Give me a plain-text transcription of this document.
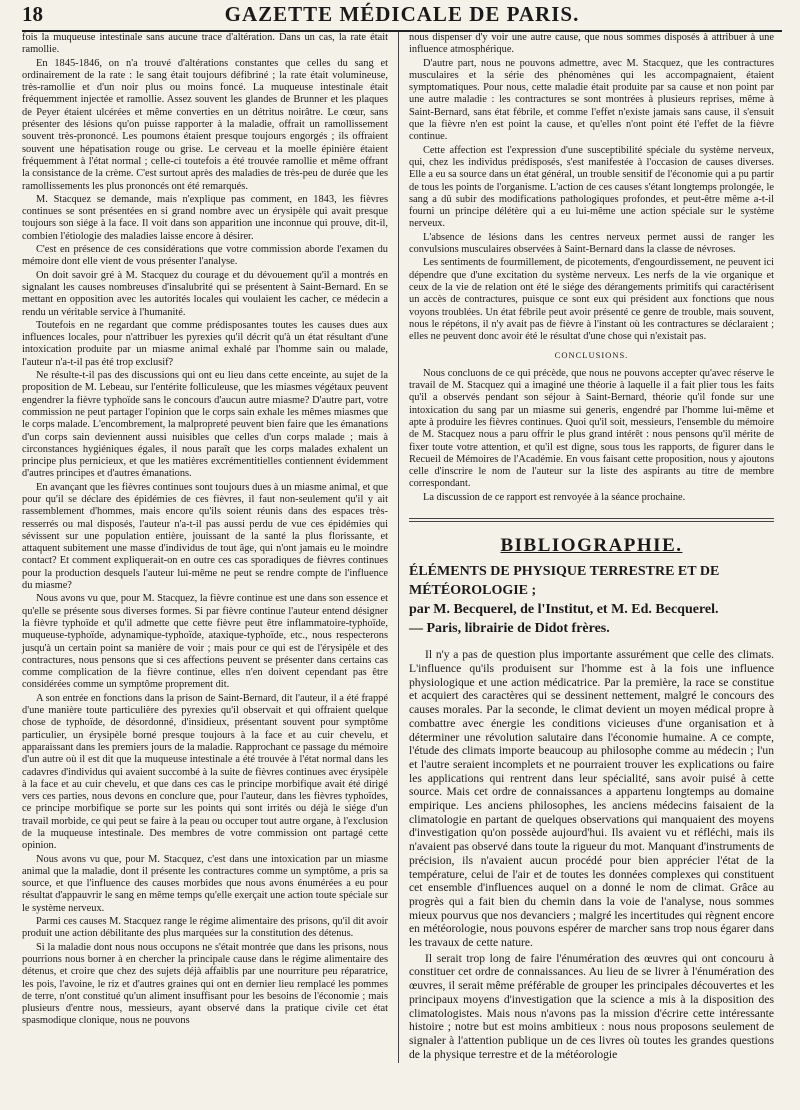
18	GAZETTE MÉDICALE DE PARIS.

fois la muqueuse intestinale sans aucune trace d'altération. Dans un cas, la rate était ramollie.

En 1845-1846, on n'a trouvé d'altérations constantes que celles du sang et ordinairement de la rate : le sang était toujours défibriné ; la rate était volumineuse, très-ramollie et d'un noir plus ou moins foncé. La muqueuse intestinale était fréquemment injectée et ramollie. Assez souvent les glandes de Brunner et les plaques de Peyer étaient ulcérées et même converties en un détritus noirâtre. Le cœur, sans présenter des lésions qu'on puisse rapporter à la maladie, offrait un ramollissement souvent très-prononcé. Les poumons étaient presque toujours engorgés ; ils offraient souvent une hépatisation rouge ou grise. Le cerveau et la moelle épinière étaient fréquemment à l'état normal ; celle-ci toutefois a été trouvée ramollie et même offrant la consistance de la crème. C'est surtout après des maladies de très-peu de durée que les ramollissements les plus prononcés ont été remarqués.

M. Stacquez se demande, mais n'explique pas comment, en 1843, les fièvres continues se sont présentées en si grand nombre avec un érysipèle qui avait presque toujours son siége à la face. Il voit dans son apparition une inconnue qui prouve, dit-il, combien l'étiologie des maladies laisse encore à désirer.

C'est en présence de ces considérations que votre commission aborde l'examen du mémoire dont elle vient de vous présenter l'analyse.

On doit savoir gré à M. Stacquez du courage et du dévouement qu'il a montrés en signalant les causes nombreuses d'insalubrité qui se présentent à Saint-Bernard. En se mettant en opposition avec les autorités locales qui voulaient les cacher, ce médecin a rendu un véritable service à l'humanité.

Toutefois en ne regardant que comme prédisposantes toutes les causes dues aux influences locales, pour n'attribuer les pyrexies qu'il décrit qu'à un état résultant d'une intoxication produite par un miasme animal exhalé par l'homme sain ou malade, l'auteur n'a-t-il pas été trop exclusif?

Ne résulte-t-il pas des discussions qui ont eu lieu dans cette enceinte, au sujet de la proposition de M. Lebeau, sur l'entérite folliculeuse, que les miasmes végétaux peuvent engendrer la fièvre typhoïde sans le concours d'aucun autre miasme? D'autre part, votre commission ne peut partager l'opinion que le corps sain exhale les mêmes miasmes que le corps malade. L'encombrement, la malpropreté peuvent bien faire que les émanations d'un corps sain deviennent aussi nuisibles que celles d'un corps malade ; mais à circonstances hygiéniques égales, il nous paraît que les corps malades exhalent un principe plus pernicieux, et que les matières excrémentitielles contiennent évidemment d'autres principes et d'autres émanations.

En avançant que les fièvres continues sont toujours dues à un miasme animal, et que pour qu'il se déclare des épidémies de ces fièvres, il faut non-seulement qu'il y ait rassemblement d'hommes, mais encore qu'ils soient réunis dans des espaces très-resserrés ou mal disposés, l'auteur n'a-t-il pas aussi perdu de vue ces épidémies qui sévissent sur une population entière, jouissant de la santé la plus florissante, et attaquent subitement une masse d'individus de tout âge, qui n'ont jamais eu le moindre contact? Et comment expliquerait-on en outre ces cas sporadiques de fièvres continues pour la production desquels l'auteur lui-même ne peut se rendre compte de l'influence du miasme?

Nous avons vu que, pour M. Stacquez, la fièvre continue est une dans son essence et qu'elle se présente sous diverses formes. Si par fièvre continue l'auteur entend désigner la fièvre typhoïde et qu'il admette que cette fièvre peut être inflammatoire-typhoïde, muqueuse-typhoïde, adynamique-typhoïde, ataxique-typhoïde, etc., nous respecterons jusqu'à un certain point sa manière de voir ; mais pour ce qui est de l'érysipèle et des contractures, nous pensons que si ces affections peuvent se présenter dans certains cas comme complication de la fièvre continue, elles n'en doivent cependant pas être considérées comme un symptôme proprement dit.

A son entrée en fonctions dans la prison de Saint-Bernard, dit l'auteur, il a été frappé d'une manière toute particulière des pyrexies qu'il observait et qui offraient quelque chose de typhoïde, de désordonné, d'insidieux, présentant souvent pour symptôme particulier, un érysipèle borné presque toujours à la face et au cuir chevelu, et apparaissant dans les premiers jours de la maladie. Rapprochant ce passage du mémoire d'un autre où il est dit que la muqueuse intestinale a été trouvée à l'état normal dans les cadavres d'individus qui avaient succombé à la suite de fièvres continues avec érysipèle à la face et au cuir chevelu, et que dans ces cas le principe morbifique avait été dirigé vers ces parties, nous devons en conclure que, pour l'auteur, dans les fièvres typhoïdes, ce principe morbifique se porte sur les points qui sont irrités ou déjà le siége d'un travail morbide, ce qui peut se faire à la peau ou occuper tout autre organe, à l'exclusion de la muqueuse intestinale. Des membres de votre commission ont partagé cette opinion.

Nous avons vu que, pour M. Stacquez, c'est dans une intoxication par un miasme animal que la maladie, dont il présente les contractures comme un symptôme, a pris sa source, et que l'influence des causes morbides que nous avons énumérées a eu pour résultat d'appauvrir le sang en même temps qu'elle exerçait une action toute spéciale sur le système nerveux.

Parmi ces causes M. Stacquez range le régime alimentaire des prisons, qu'il dit avoir produit une action débilitante des plus marquées sur la constitution des détenus.

Si la maladie dont nous nous occupons ne s'était montrée que dans les prisons, nous pourrions nous borner à en chercher la principale cause dans le régime alimentaire des détenus, et croire que chez des sujets déjà affaiblis par une nourriture peu réparatrice, les pois, l'avoine, le riz et d'autres graines qui ont en dernier lieu remplacé les pommes de terre, n'ont constitué qu'un aliment insuffisant pour les besoins de l'économie ; mais plusieurs d'entre nous, messieurs, ayant observé dans la pratique civile cet état spasmodique clonique, nous ne pouvons

nous dispenser d'y voir une autre cause, que nous sommes disposés à attribuer à une influence atmosphérique.

D'autre part, nous ne pouvons admettre, avec M. Stacquez, que les contractures musculaires et la série des phénomènes qui les accompagnaient, étaient symptomatiques. Pour nous, cette maladie était produite par sa cause et non point par une autre maladie : les contractures se sont montrées à plusieurs reprises, même à Saint-Bernard, sans état fébrile, et comme l'effet n'existe jamais sans cause, il s'ensuit que la fièvre n'en est point la cause, et qu'elles n'ont point été l'effet de la fièvre continue.

Cette affection est l'expression d'une susceptibilité spéciale du système nerveux, qui, chez les individus prédisposés, s'est manifestée à l'occasion de causes diverses. Elle a eu sa source dans un état général, un trouble sensitif de l'économie qui a pu partir de tous les points de l'organisme. L'action de ces causes s'étant longtemps prolongée, le sang a dû subir des modifications pathologiques profondes, et peut-être même a-t-il fourni un principe délétère qui a eu lui-même une action spéciale sur le système nerveux.

L'absence de lésions dans les centres nerveux permet aussi de ranger les convulsions musculaires observées à Saint-Bernard dans la classe de névroses.

Les sentiments de fourmillement, de picotements, d'engourdissement, ne peuvent ici dépendre que d'une excitation du système nerveux. Les nerfs de la vie organique et ceux de la vie de relation ont été le siége des dérangements primitifs qui caractérisent un accès de contractures, puisque ce sont eux qui président aux fonctions que nous voyons troublées. Un état fébrile peut avoir présenté ce genre de trouble, mais souvent, nous le répétons, il n'y avait pas de fièvre à l'instant où les contractures se déclaraient ; elles ne peuvent donc avoir été le résultat d'une chose qui n'existait pas.

CONCLUSIONS.

Nous concluons de ce qui précède, que nous ne pouvons accepter qu'avec réserve le travail de M. Stacquez qui a imaginé une théorie à laquelle il a fait plier tous les faits qu'il a observés pendant son séjour à Saint-Bernard, théorie qu'il fonde sur une intoxication du sang par un miasme sui generis, engendré par l'homme lui-même et apte à produire les fièvres continues. Quoi qu'il soit, messieurs, l'ensemble du mémoire de M. Stacquez nous a paru offrir le plus grand intérêt : nous pensons qu'il mérite de fixer toute votre attention, et qu'il est digne, sous tous les rapports, de figurer dans le Recueil de Mémoires de l'Académie. En vous faisant cette proposition, nous y ajoutons celle d'inscrire le nom de l'auteur sur la liste des aspirants au titre de membre correspondant.

La discussion de ce rapport est renvoyée à la séance prochaine.

BIBLIOGRAPHIE.
ÉLÉMENTS DE PHYSIQUE TERRESTRE ET DE MÉTÉOROLOGIE ;
par M. Becquerel, de l'Institut, et M. Ed. Becquerel.
— Paris, librairie de Didot frères.

Il n'y a pas de question plus importante assurément que celle des climats. L'influence qu'ils produisent sur l'homme est à la fois une influence physiologique et une action médicatrice. Par la première, la race se constitue et acquiert des caractères qui se dessinent nettement, malgré le concours des causes morales. Par la seconde, le climat devient un moyen médical propre à combattre avec énergie les conditions vicieuses d'une organisation et à déterminer une révolution salutaire dans l'économie humaine. A ce compte, l'étude des climats importe beaucoup au philosophe comme au médecin ; l'un et l'autre seraient incomplets et ne pourraient trouver les explications ou faire les applications qui rentrent dans leur spécialité, sans avoir puisé à cette source. Mais cet ordre de connaissances a appartenu longtemps au domaine empirique. Les anciens philosophes, les anciens médecins faisaient de la climatologie en partant de quelques observations qui manquaient des moyens d'investigation qu'on possède aujourd'hui. Ils avaient vu et réfléchi, mais ils n'avaient pas observé dans toute la rigueur du mot. Manquant d'instruments de précision, ils n'avaient aucun procédé pour bien apprécier l'état de la température, celui de l'air et de toutes les données complexes qui constituent cet ensemble d'influences auquel on a donné le nom de climat. Grâce au progrès qui a fait bien du chemin dans la voie de l'analyse, nous sommes mieux pourvus que nos devanciers ; malgré les incertitudes qui règnent encore en météorologie, nous pouvons espérer de marcher sans trop nous égarer dans les travaux de cette nature.

Il serait trop long de faire l'énumération des œuvres qui ont concouru à constituer cet ordre de connaissances. Au lieu de se livrer à l'énumération des œuvres, il serait même préférable de grouper les principales découvertes et les principaux moyens d'investigation que la science a mis à la disposition des climatologistes. Mais nous n'avons pas la mission d'écrire cette intéressante histoire ; notre but est moins ambitieux : nous nous proposons seulement de signaler à l'attention publique un de ces livres où toutes les grandes questions de la physique terrestre et de la météorologie
